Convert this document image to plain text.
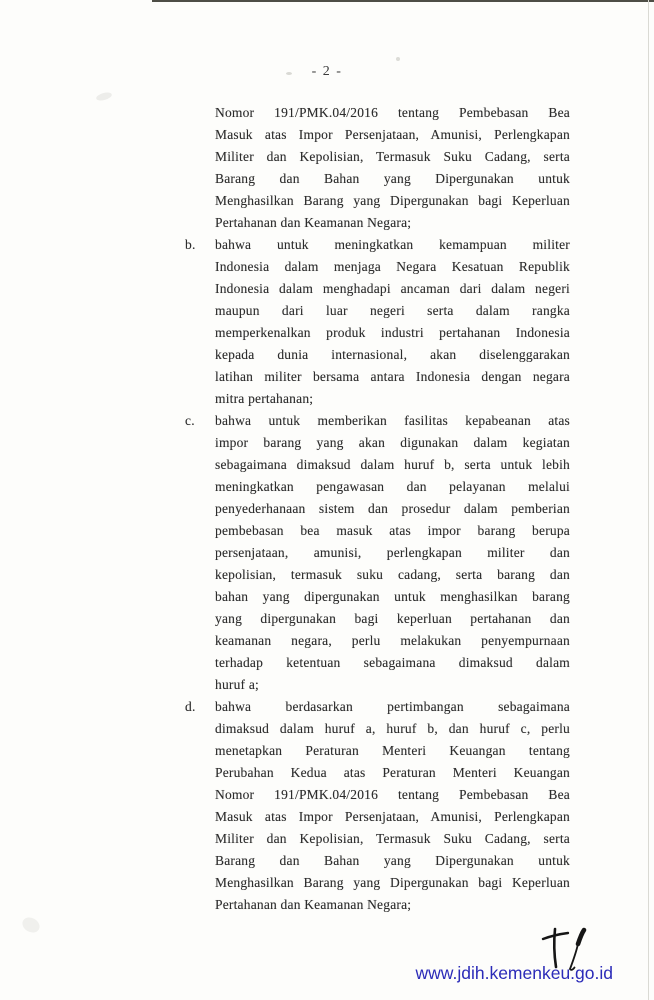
- 2 -
Nomor 191/PMK.04/2016 tentang Pembebasan Bea
Masuk atas Impor Persenjataan, Amunisi, Perlengkapan
Militer dan Kepolisian, Termasuk Suku Cadang, serta
Barang dan Bahan yang Dipergunakan untuk
Menghasilkan Barang yang Dipergunakan bagi Keperluan
Pertahanan dan Keamanan Negara;
b.	bahwa untuk meningkatkan kemampuan militer
Indonesia dalam menjaga Negara Kesatuan Republik
Indonesia dalam menghadapi ancaman dari dalam negeri
maupun dari luar negeri serta dalam rangka
memperkenalkan produk industri pertahanan Indonesia
kepada dunia internasional, akan diselenggarakan
latihan militer bersama antara Indonesia dengan negara
mitra pertahanan;
c.	bahwa untuk memberikan fasilitas kepabeanan atas
impor barang yang akan digunakan dalam kegiatan
sebagaimana dimaksud dalam huruf b, serta untuk lebih
meningkatkan pengawasan dan pelayanan melalui
penyederhanaan sistem dan prosedur dalam pemberian
pembebasan bea masuk atas impor barang berupa
persenjataan, amunisi, perlengkapan militer dan
kepolisian, termasuk suku cadang, serta barang dan
bahan yang dipergunakan untuk menghasilkan barang
yang dipergunakan bagi keperluan pertahanan dan
keamanan negara, perlu melakukan penyempurnaan
terhadap ketentuan sebagaimana dimaksud dalam
huruf a;
d.	bahwa berdasarkan pertimbangan sebagaimana
dimaksud dalam huruf a, huruf b, dan huruf c, perlu
menetapkan Peraturan Menteri Keuangan tentang
Perubahan Kedua atas Peraturan Menteri Keuangan
Nomor 191/PMK.04/2016 tentang Pembebasan Bea
Masuk atas Impor Persenjataan, Amunisi, Perlengkapan
Militer dan Kepolisian, Termasuk Suku Cadang, serta
Barang dan Bahan yang Dipergunakan untuk
Menghasilkan Barang yang Dipergunakan bagi Keperluan
Pertahanan dan Keamanan Negara;
www.jdih.kemenkeu.go.id
